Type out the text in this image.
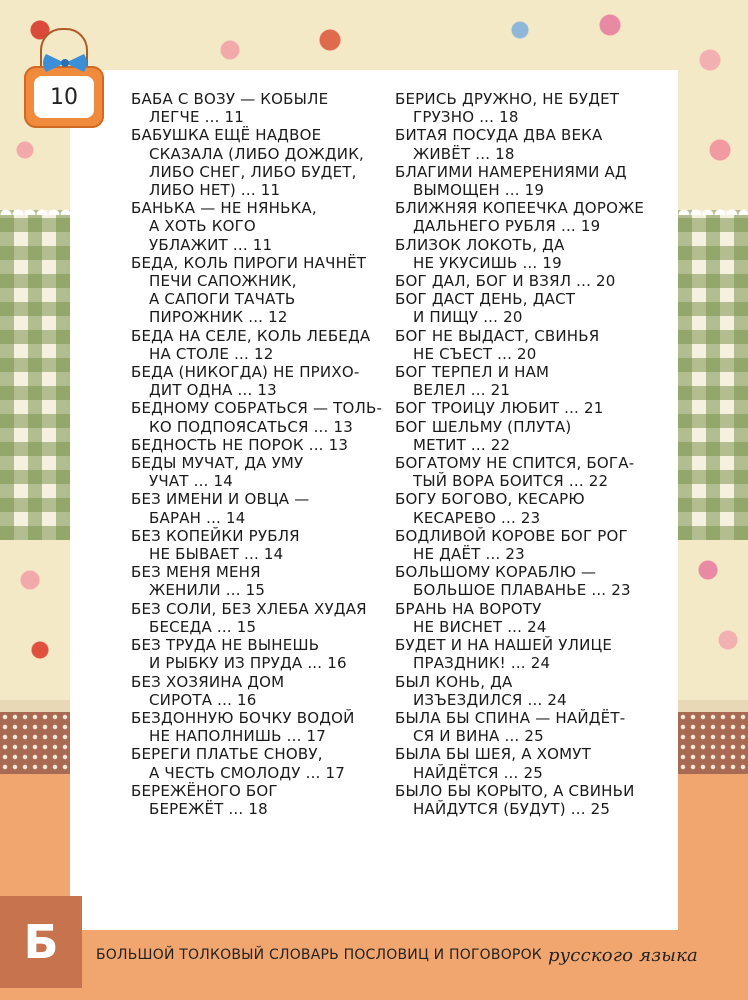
10	БАБА С ВОЗУ — КОБЫЛЕ
ЛЕГЧЕ ... 11
БАБУШКА ЕЩЁ НАДВОЕ
СКАЗАЛА (ЛИБО ДОЖДИК,
ЛИБО СНЕГ, ЛИБО БУДЕТ,
ЛИБО НЕТ) ... 11
БАНЬКА — НЕ НЯНЬКА,
А ХОТЬ КОГО
УБЛАЖИТ ... 11
БЕДА, КОЛЬ ПИРОГИ НАЧНЁТ
ПЕЧИ САПОЖНИК,
А САПОГИ ТАЧАТЬ
ПИРОЖНИК ... 12
БЕДА НА СЕЛЕ, КОЛЬ ЛЕБЕДА
НА СТОЛЕ ... 12
БЕДА (НИКОГДА) НЕ ПРИХО-
ДИТ ОДНА ... 13
БЕДНОМУ СОБРАТЬСЯ — ТОЛЬ-
КО ПОДПОЯСАТЬСЯ ... 13
БЕДНОСТЬ НЕ ПОРОК ... 13
БЕДЫ МУЧАТ, ДА УМУ
УЧАТ ... 14
БЕЗ ИМЕНИ И ОВЦА —
БАРАН ... 14
БЕЗ КОПЕЙКИ РУБЛЯ
НЕ БЫВАЕТ ... 14
БЕЗ МЕНЯ МЕНЯ
ЖЕНИЛИ ... 15
БЕЗ СОЛИ, БЕЗ ХЛЕБА ХУДАЯ
БЕСЕДА ... 15
БЕЗ ТРУДА НЕ ВЫНЕШЬ
И РЫБКУ ИЗ ПРУДА ... 16
БЕЗ ХОЗЯИНА ДОМ
СИРОТА ... 16
БЕЗДОННУЮ БОЧКУ ВОДОЙ
НЕ НАПОЛНИШЬ ... 17
БЕРЕГИ ПЛАТЬЕ СНОВУ,
А ЧЕСТЬ СМОЛОДУ ... 17
БЕРЕЖЁНОГО БОГ
БЕРЕЖЁТ ... 18
БЕРИСЬ ДРУЖНО, НЕ БУДЕТ
ГРУЗНО ... 18
БИТАЯ ПОСУДА ДВА ВЕКА
ЖИВЁТ ... 18
БЛАГИМИ НАМЕРЕНИЯМИ АД
ВЫМОЩЕН ... 19
БЛИЖНЯЯ КОПЕЕЧКА ДОРОЖЕ
ДАЛЬНЕГО РУБЛЯ ... 19
БЛИЗОК ЛОКОТЬ, ДА
НЕ УКУСИШЬ ... 19
БОГ ДАЛ, БОГ И ВЗЯЛ ... 20
БОГ ДАСТ ДЕНЬ, ДАСТ
И ПИЩУ ... 20
БОГ НЕ ВЫДАСТ, СВИНЬЯ
НЕ СЪЕСТ ... 20
БОГ ТЕРПЕЛ И НАМ
ВЕЛЕЛ ... 21
БОГ ТРОИЦУ ЛЮБИТ ... 21
БОГ ШЕЛЬМУ (ПЛУТА)
МЕТИТ ... 22
БОГАТОМУ НЕ СПИТСЯ, БОГА-
ТЫЙ ВОРА БОИТСЯ ... 22
БОГУ БОГОВО, КЕСАРЮ
КЕСАРЕВО ... 23
БОДЛИВОЙ КОРОВЕ БОГ РОГ
НЕ ДАЁТ ... 23
БОЛЬШОМУ КОРАБЛЮ —
БОЛЬШОЕ ПЛАВАНЬЕ ... 23
БРАНЬ НА ВОРОТУ
НЕ ВИСНЕТ ... 24
БУДЕТ И НА НАШЕЙ УЛИЦЕ
ПРАЗДНИК! ... 24
БЫЛ КОНЬ, ДА
ИЗЪЕЗДИЛСЯ ... 24
БЫЛА БЫ СПИНА — НАЙДЁТ-
СЯ И ВИНА ... 25
БЫЛА БЫ ШЕЯ, А ХОМУТ
НАЙДЁТСЯ ... 25
БЫЛО БЫ КОРЫТО, А СВИНЬИ
НАЙДУТСЯ (БУДУТ) ... 25
Б	БОЛЬШОЙ ТОЛКОВЫЙ СЛОВАРЬ ПОСЛОВИЦ И ПОГОВОРОК русского языка
